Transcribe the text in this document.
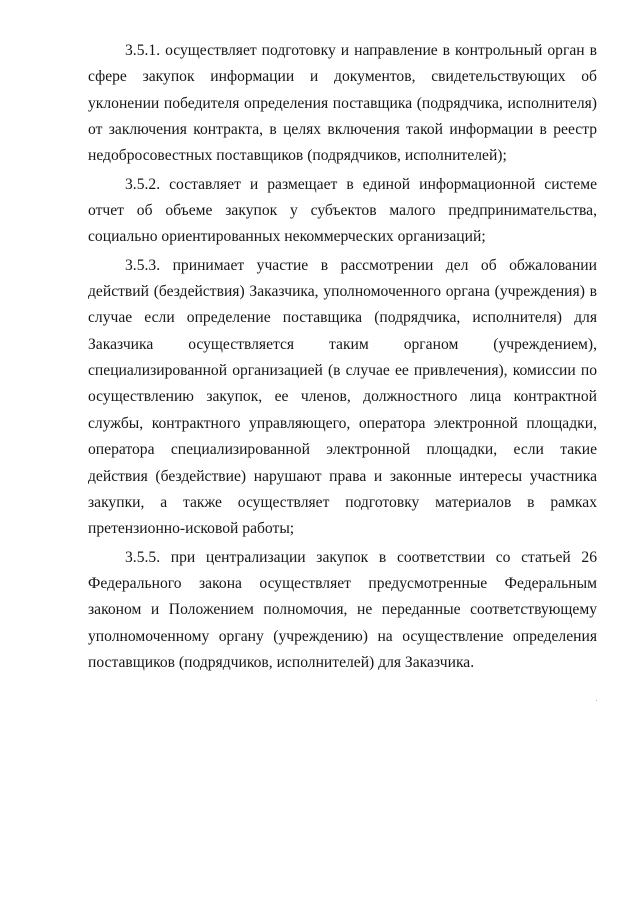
3.5.1. осуществляет подготовку и направление в контрольный орган в сфере закупок информации и документов, свидетельствующих об уклонении победителя определения поставщика (подрядчика, исполнителя) от заключения контракта, в целях включения такой информации в реестр недобросовестных поставщиков (подрядчиков, исполнителей);

3.5.2. составляет и размещает в единой информационной системе отчет об объеме закупок у субъектов малого предпринимательства, социально ориентированных некоммерческих организаций;

3.5.3. принимает участие в рассмотрении дел об обжаловании действий (бездействия) Заказчика, уполномоченного органа (учреждения) в случае если определение поставщика (подрядчика, исполнителя) для Заказчика осуществляется таким органом (учреждением), специализированной организацией (в случае ее привлечения), комиссии по осуществлению закупок, ее членов, должностного лица контрактной службы, контрактного управляющего, оператора электронной площадки, оператора специализированной электронной площадки, если такие действия (бездействие) нарушают права и законные интересы участника закупки, а также осуществляет подготовку материалов в рамках претензионно-исковой работы;

3.5.5. при централизации закупок в соответствии со статьей 26 Федерального закона осуществляет предусмотренные Федеральным законом и Положением полномочия, не переданные соответствующему уполномоченному органу (учреждению) на осуществление определения поставщиков (подрядчиков, исполнителей) для Заказчика.
